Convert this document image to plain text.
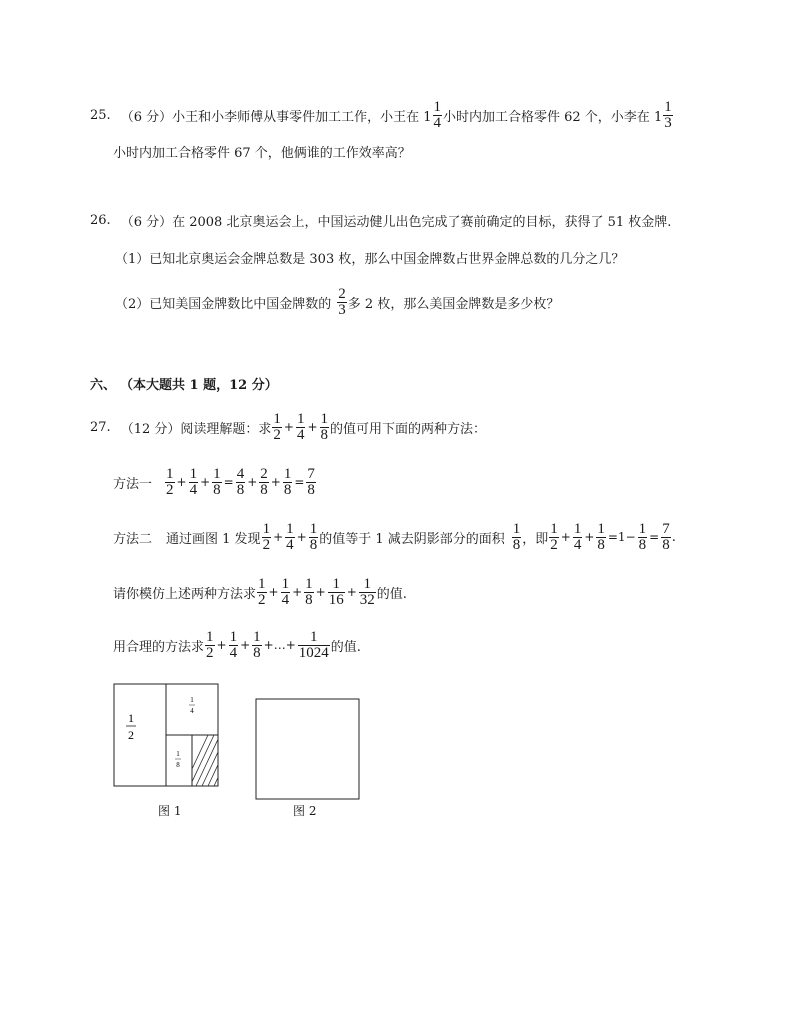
25. （6 分） 小王和小李师傅从事零件加工工作，小王在 $1 \frac{1}{4}$ 小时内加工合格零件 62 个，小李在 $1 \frac{1}{3}$
小时内加工合格零件 67 个，他俩谁的工作效率高？
26. （6 分） 在 2008 北京奥运会上，中国运动健儿出色完成了赛前确定的目标，获得了 51 枚金牌.
（1）已知北京奥运会金牌总数是 303 枚，那么中国金牌数占世界金牌总数的几分之几？
（2）已知美国金牌数比中国金牌数的 $\frac{2}{3}$ 多 2 枚，那么美国金牌数是多少枚？
六、 （本大题共 1 题，12 分）
27. （12 分） 阅读理解题：求 $\frac{1}{2} + \frac{1}{4} + \frac{1}{8}$ 的值可用下面的两种方法：
方法一 $\frac{1}{2} + \frac{1}{4} + \frac{1}{8} = \frac{4}{8} + \frac{2}{8} + \frac{1}{8} = \frac{7}{8}$
方法二 通过画图 1 发现 $\frac{1}{2} + \frac{1}{4} + \frac{1}{8}$ 的值等于 1 减去阴影部分的面积 $\frac{1}{8}$ ，即 $\frac{1}{2} + \frac{1}{4} + \frac{1}{8} =1- \frac{1}{8} = \frac{7}{8}$ .
请你模仿上述两种方法求 $\frac{1}{2} + \frac{1}{4} + \frac{1}{8} + \frac{1}{16} + \frac{1}{32}$ 的值.
用合理的方法求 $\frac{1}{2} + \frac{1}{4} + \frac{1}{8}$ +…+ $\frac{1}{1024}$ 的值.
1
2
1
4
1
8
图 1	图 2
